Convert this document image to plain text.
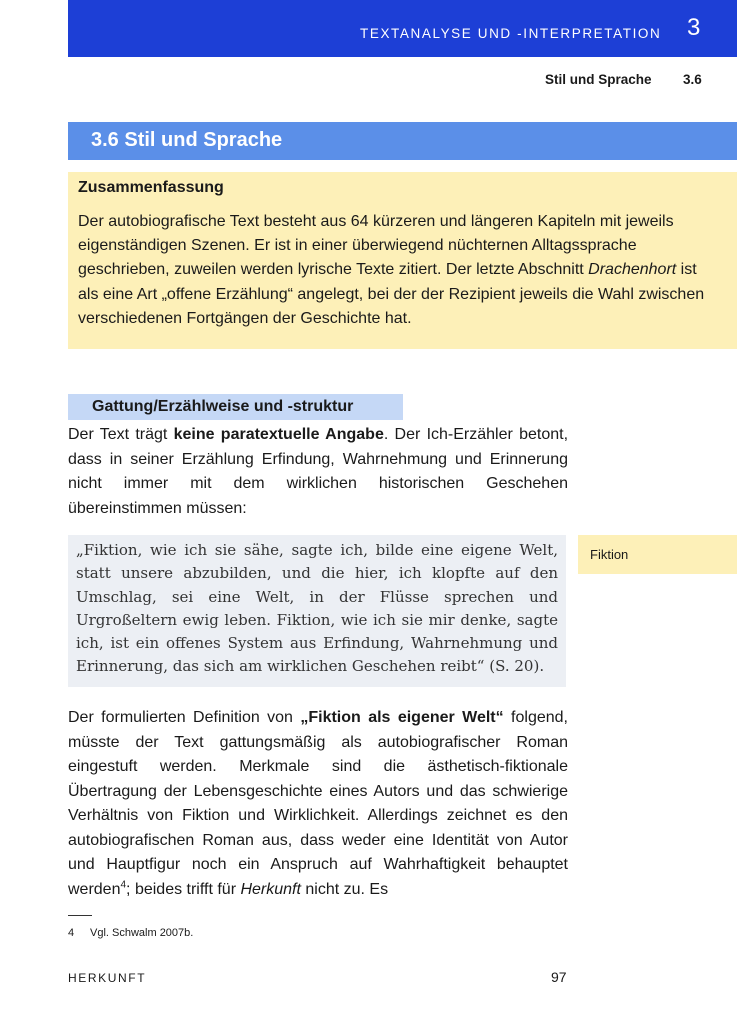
TEXTANALYSE UND -INTERPRETATION 3
Stil und Sprache 3.6
3.6 Stil und Sprache
Zusammenfassung

Der autobiografische Text besteht aus 64 kürzeren und längeren Kapiteln mit jeweils eigenständigen Szenen. Er ist in einer überwiegend nüchternen Alltagssprache geschrieben, zuweilen werden lyrische Texte zitiert. Der letzte Abschnitt Drachenhort ist als eine Art „offene Erzählung“ angelegt, bei der der Rezipient jeweils die Wahl zwischen verschiedenen Fortgängen der Geschichte hat.

Gattung/Erzählweise und -struktur

Der Text trägt keine paratextuelle Angabe. Der Ich-Erzähler betont, dass in seiner Erzählung Erfindung, Wahrnehmung und Erinnerung nicht immer mit dem wirklichen historischen Geschehen übereinstimmen müssen:

„Fiktion, wie ich sie sähe, sagte ich, bilde eine eigene Welt, statt unsere abzubilden, und die hier, ich klopfte auf den Umschlag, sei eine Welt, in der Flüsse sprechen und Urgroßeltern ewig leben. Fiktion, wie ich sie mir denke, sagte ich, ist ein offenes System aus Erfindung, Wahrnehmung und Erinnerung, das sich am wirklichen Geschehen reibt“ (S. 20).

Fiktion

Der formulierten Definition von „Fiktion als eigener Welt“ folgend, müsste der Text gattungsmäßig als autobiografischer Roman eingestuft werden. Merkmale sind die ästhetisch-fiktionale Übertragung der Lebensgeschichte eines Autors und das schwierige Verhältnis von Fiktion und Wirklichkeit. Allerdings zeichnet es den autobiografischen Roman aus, dass weder eine Identität von Autor und Hauptfigur noch ein Anspruch auf Wahrhaftigkeit behauptet werden$^4$; beides trifft für Herkunft nicht zu. Es

4 Vgl. Schwalm 2007b.
HERKUNFT	97
